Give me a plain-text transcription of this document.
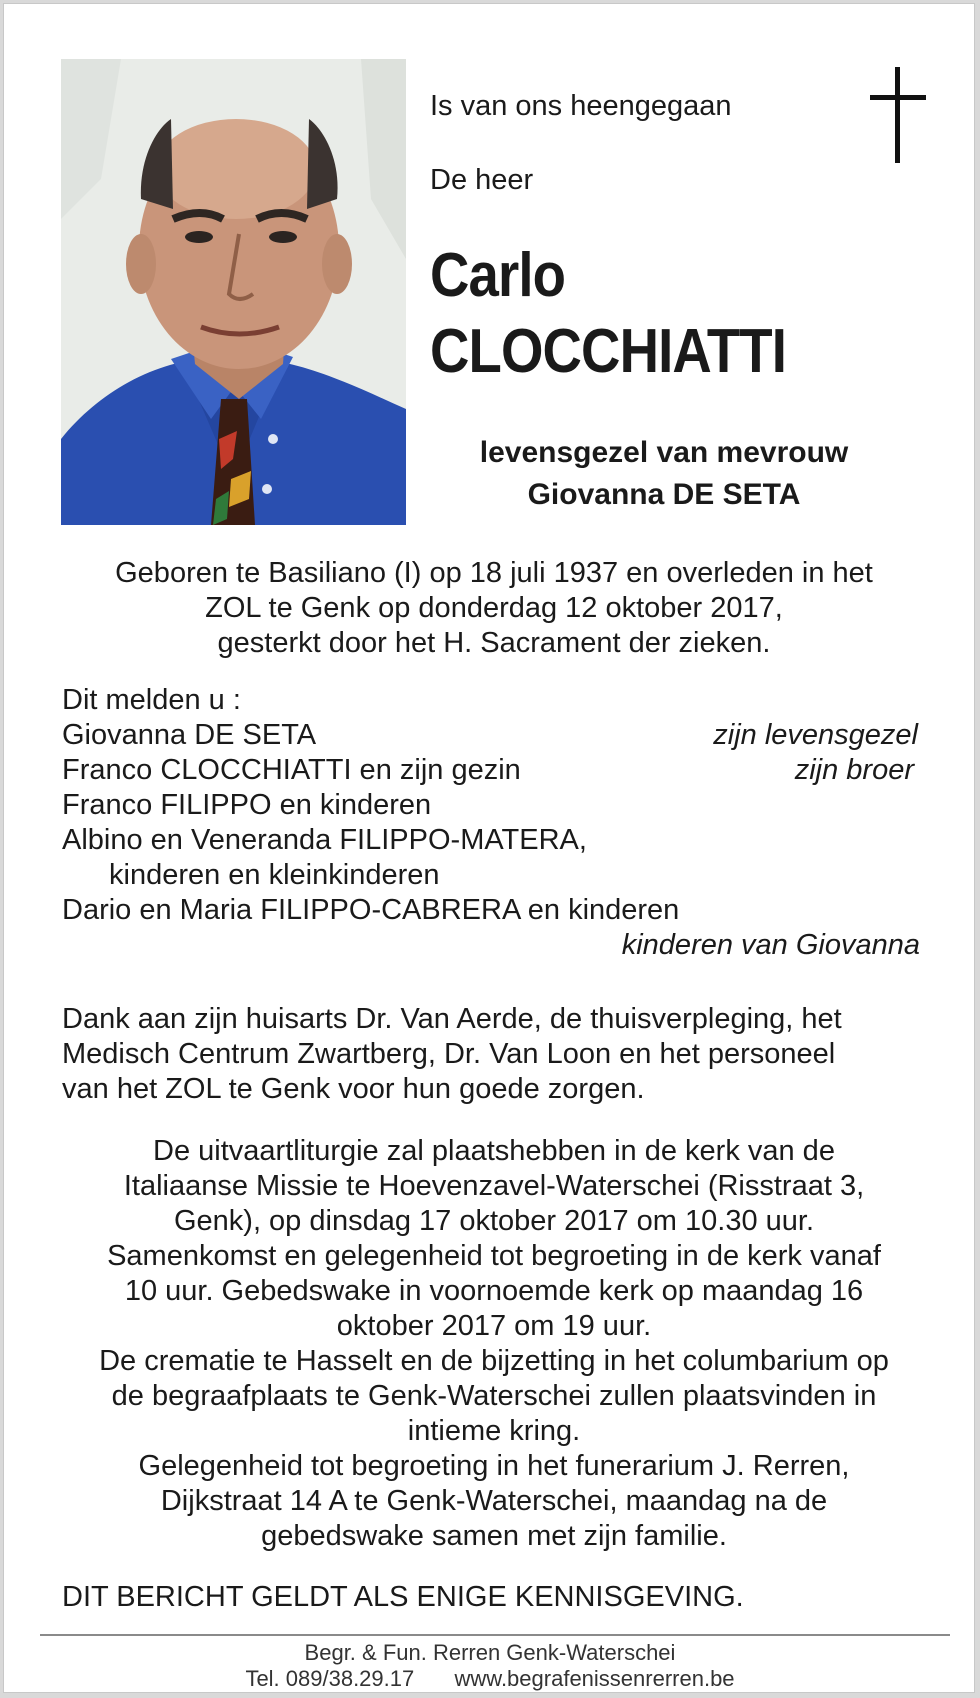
Is van ons heengegaan
De heer
Carlo
CLOCCHIATTI
levensgezel van mevrouw
Giovanna DE SETA
Geboren te Basiliano (I) op 18 juli 1937 en overleden in het
ZOL te Genk op donderdag 12 oktober 2017,
gesterkt door het H. Sacrament der zieken.
Dit melden u :
Giovanna DE SETA	zijn levensgezel
Franco CLOCCHIATTI en zijn gezin	zijn broer
Franco FILIPPO en kinderen
Albino en Veneranda FILIPPO-MATERA,
kinderen en kleinkinderen
Dario en Maria FILIPPO-CABRERA en kinderen
kinderen van Giovanna
Dank aan zijn huisarts Dr. Van Aerde, de thuisverpleging, het
Medisch Centrum Zwartberg, Dr. Van Loon en het personeel
van het ZOL te Genk voor hun goede zorgen.
De uitvaartliturgie zal plaatshebben in de kerk van de
Italiaanse Missie te Hoevenzavel-Waterschei (Risstraat 3,
Genk), op dinsdag 17 oktober 2017 om 10.30 uur.
Samenkomst en gelegenheid tot begroeting in de kerk vanaf
10 uur. Gebedswake in voornoemde kerk op maandag 16
oktober 2017 om 19 uur.
De crematie te Hasselt en de bijzetting in het columbarium op
de begraafplaats te Genk-Waterschei zullen plaatsvinden in
intieme kring.
Gelegenheid tot begroeting in het funerarium J. Rerren,
Dijkstraat 14 A te Genk-Waterschei, maandag na de
gebedswake samen met zijn familie.
DIT BERICHT GELDT ALS ENIGE KENNISGEVING.
Begr. & Fun. Rerren Genk-Waterschei
Tel. 089/38.29.17 www.begrafenissenrerren.be
